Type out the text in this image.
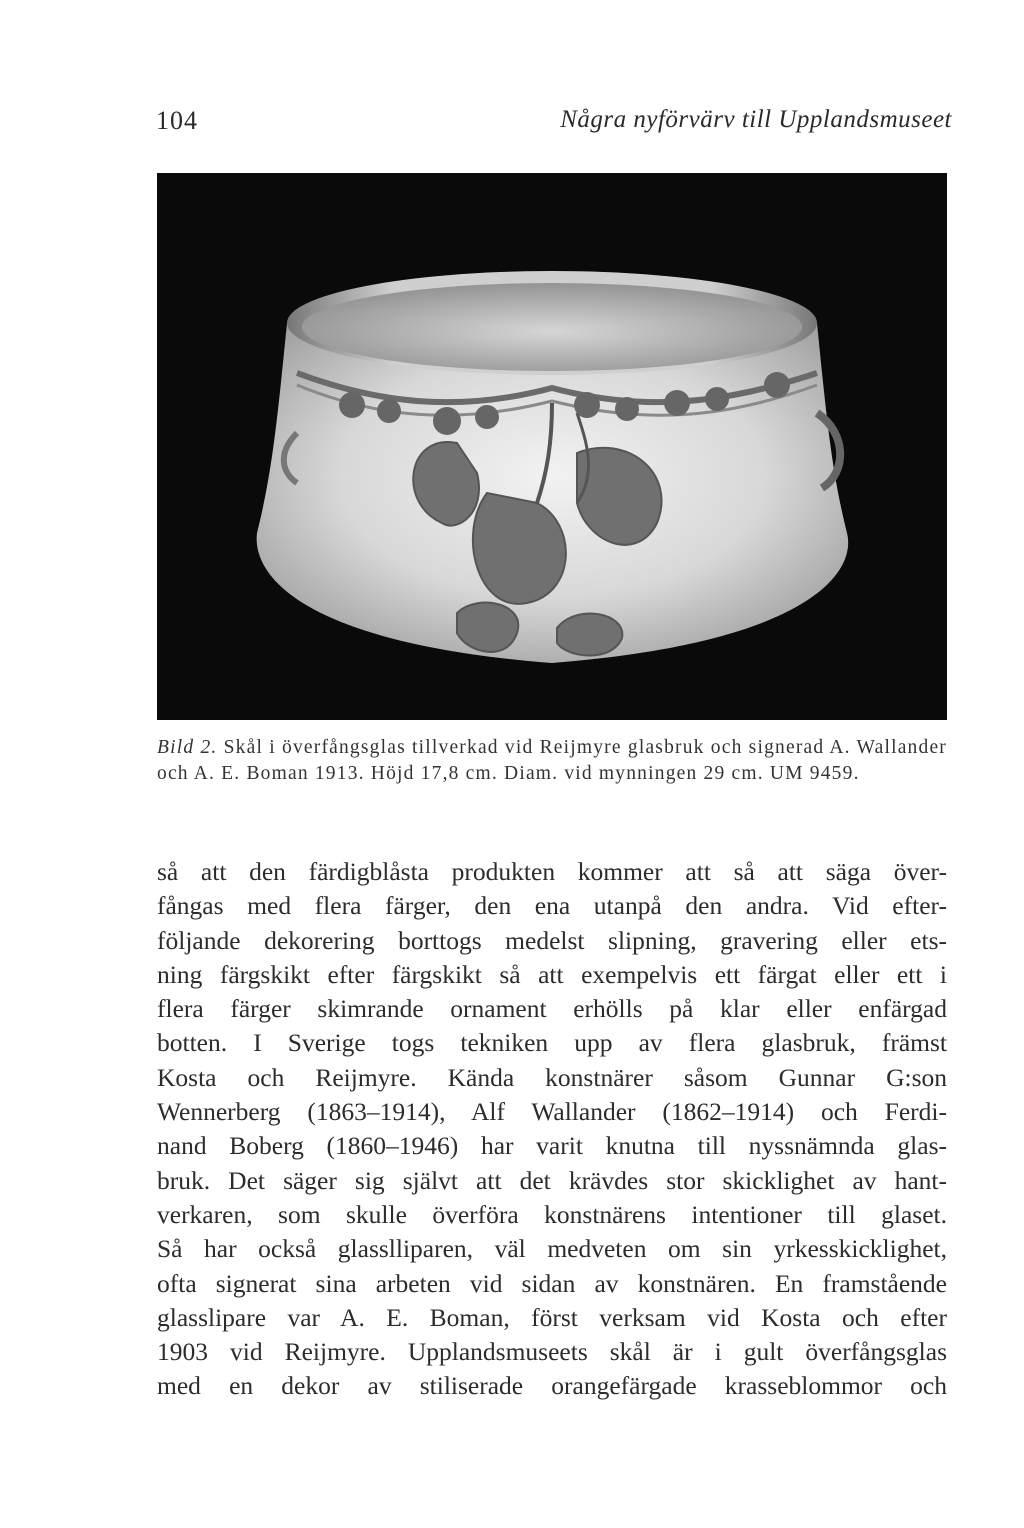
104	Några nyförvärv till Upplandsmuseet
Bild 2. Skål i överfångsglas tillverkad vid Reijmyre glasbruk och signerad A. Wallander och A. E. Boman 1913. Höjd 17,8 cm. Diam. vid mynningen 29 cm. UM 9459.
så att den färdigblåsta produkten kommer att så att säga över-
fångas med flera färger, den ena utanpå den andra. Vid efter-
följande dekorering borttogs medelst slipning, gravering eller ets-
ning färgskikt efter färgskikt så att exempelvis ett färgat eller ett i
flera färger skimrande ornament erhölls på klar eller enfärgad
botten. I Sverige togs tekniken upp av flera glasbruk, främst
Kosta och Reijmyre. Kända konstnärer såsom Gunnar G:son
Wennerberg (1863–1914), Alf Wallander (1862–1914) och Ferdi-
nand Boberg (1860–1946) har varit knutna till nyssnämnda glas-
bruk. Det säger sig självt att det krävdes stor skicklighet av hant-
verkaren, som skulle överföra konstnärens intentioner till glaset.
Så har också glasslliparen, väl medveten om sin yrkesskicklighet,
ofta signerat sina arbeten vid sidan av konstnären. En framstående
glasslipare var A. E. Boman, först verksam vid Kosta och efter
1903 vid Reijmyre. Upplandsmuseets skål är i gult överfångsglas
med en dekor av stiliserade orangefärgade krasseblommor och
